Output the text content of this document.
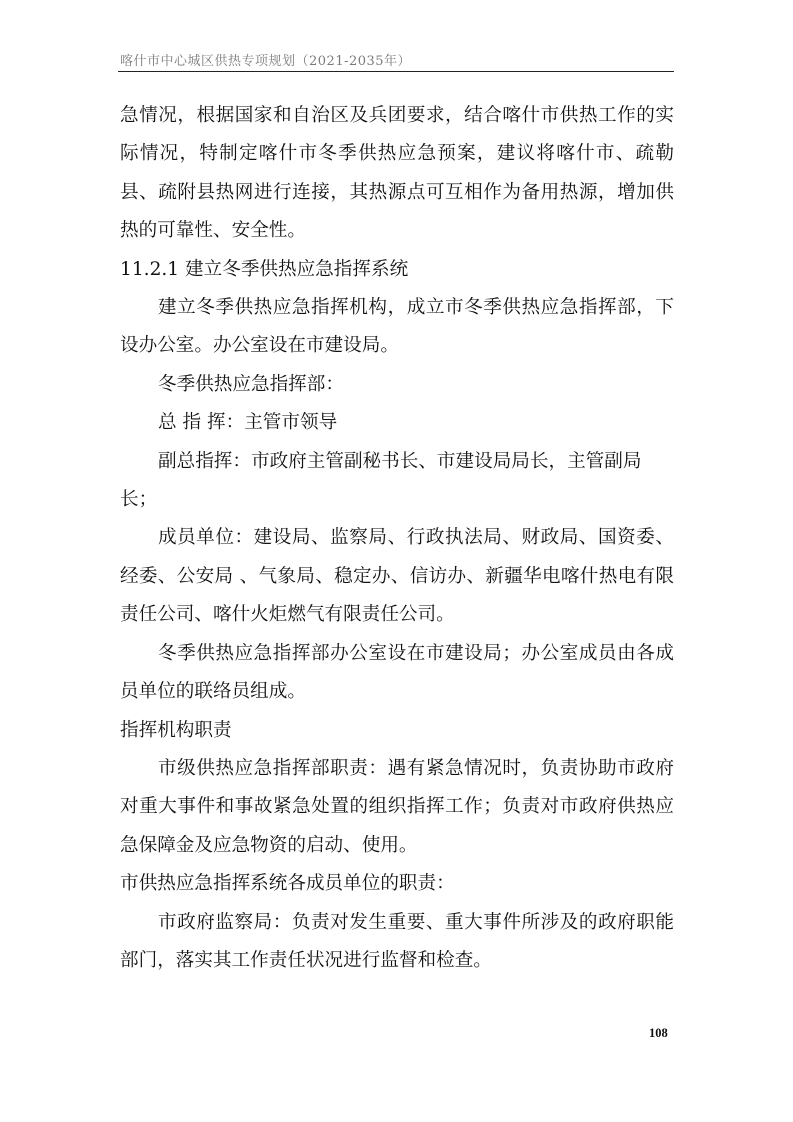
喀什市中心城区供热专项规划（2021-2035年）

急情况，根据国家和自治区及兵团要求，结合喀什市供热工作的实际情况，特制定喀什市冬季供热应急预案，建议将喀什市、疏勒县、疏附县热网进行连接，其热源点可互相作为备用热源，增加供热的可靠性、安全性。

11.2.1 建立冬季供热应急指挥系统

建立冬季供热应急指挥机构，成立市冬季供热应急指挥部，下设办公室。办公室设在市建设局。

冬季供热应急指挥部：

总 指 挥：主管市领导

副总指挥：市政府主管副秘书长、市建设局局长，主管副局长；

成员单位：建设局、监察局、行政执法局、财政局、国资委、经委、公安局 、气象局、稳定办、信访办、新疆华电喀什热电有限责任公司、喀什火炬燃气有限责任公司。

冬季供热应急指挥部办公室设在市建设局；办公室成员由各成员单位的联络员组成。

指挥机构职责

市级供热应急指挥部职责：遇有紧急情况时，负责协助市政府对重大事件和事故紧急处置的组织指挥工作；负责对市政府供热应急保障金及应急物资的启动、使用。

市供热应急指挥系统各成员单位的职责：

市政府监察局：负责对发生重要、重大事件所涉及的政府职能部门，落实其工作责任状况进行监督和检查。

108
